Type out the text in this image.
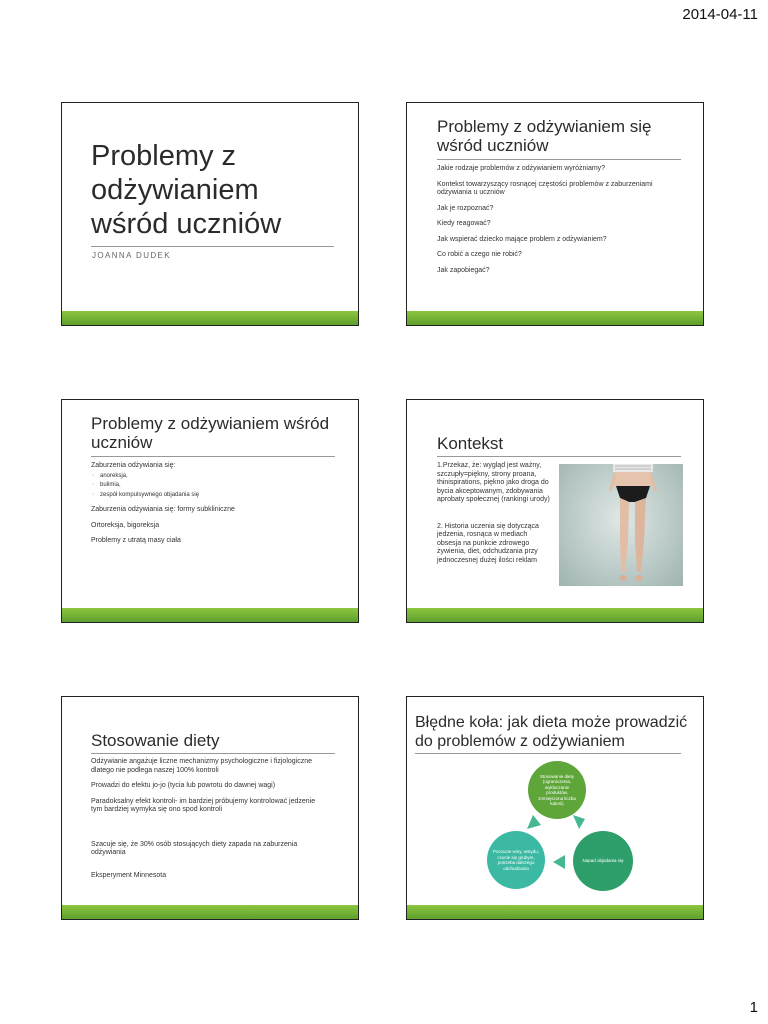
2014-04-11
Problemy z odżywianiem wśród uczniów
JOANNA DUDEK
Problemy z odżywianiem się wśród uczniów

Jakie rodzaje problemów z odżywianiem wyróżniamy?

Kontekst towarzyszący rosnącej częstości problemów z zaburzeniami odżywiania u uczniów

Jak je rozpoznać?

Kiedy reagować?

Jak wspierać dziecko mające problem z odżywianiem?

Co robić a czego nie robić?

Jak zapobiegać?

Problemy z odżywianiem wśród uczniów

Zaburzenia odżywiania się:

◦ anoreksja,
◦ bulimia,
◦ zespół kompulsywnego objadania się

Zaburzenia odżywiania się: formy subkliniczne

Ortoreksja, bigoreksja

Problemy z utratą masy ciała

Kontekst

1.Przekaz, że: wygląd jest ważny, szczupły=piękny, strony proana, thinispirations, piękno jako droga do bycia akceptowanym, zdobywania aprobaty społecznej (rankingi urody)

2. Historia uczenia się dotycząca jedzenia, rosnąca w mediach obsesja na punkcie zdrowego żywienia, diet, odchudzania przy jednoczesnej dużej ilości reklam

Stosowanie diety

Odżywianie angażuje liczne mechanizmy psychologiczne i fizjologiczne dlatego nie podlega naszej 100% kontroli

Prowadzi do efektu jo-jo (tycia lub powrotu do dawnej wagi)

Paradoksalny efekt kontroli- im bardziej próbujemy kontrolować jedzenie tym bardziej wymyka się ono spod kontroli

Szacuje się, że 30% osób stosujących diety zapada na zaburzenia odżywiania

Eksperyment Minnesota

Błędne koła: jak dieta może prowadzić do problemów z odżywianiem
Stosowanie diety (ograniczenia, wykluczanie produktów, zmniejszona liczba kalorii)
Napad objadania się
Poczucie winy, wstydu, czucie się grubym, potrzeba dalszego odchudzania
1
